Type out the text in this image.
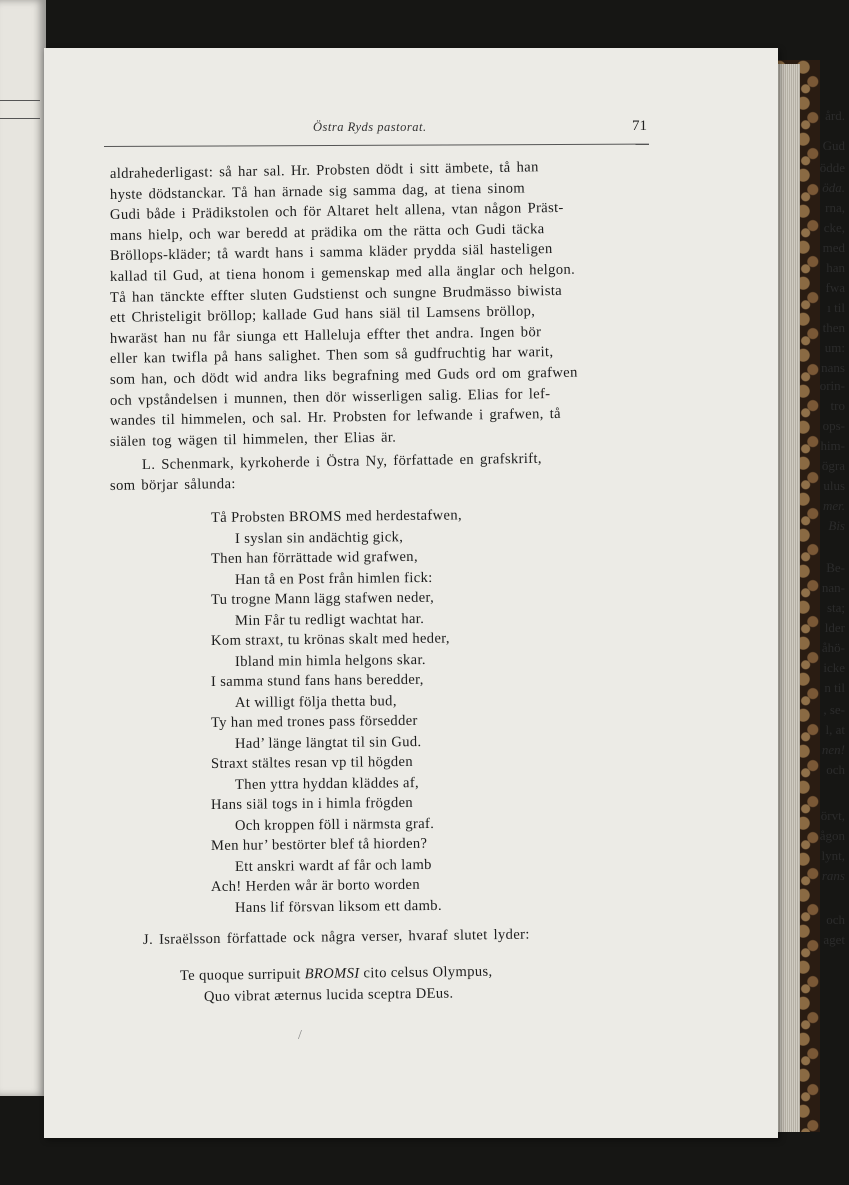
ård.
Gud
ödde
öda.
rna,
cke,
med
han
fwa
ı til
then
um:
nans
orin-
tro
ops-
him-
ögra
ulus
mer.
Bis
Be-
nan-
sta;
lder
åhö-
icke
n til
, se-
l, at
nen!
och
örvt,
ågon
lynt,
rans
och
aget
Östra Ryds pastorat.	71
aldrahederligast: så har sal. Hr. Probsten dödt i sitt ämbete, tå han
hyste dödstanckar. Tå han ärnade sig samma dag, at tiena sinom
Gudi både i Prädikstolen och för Altaret helt allena, vtan någon Präst-
mans hielp, och war beredd at prädika om the rätta och Gudi täcka
Bröllops-kläder; tå wardt hans i samma kläder prydda siäl hasteligen
kallad til Gud, at tiena honom i gemenskap med alla änglar och helgon.
Tå han tänckte effter sluten Gudstienst och sungne Brudmässo biwista
ett Christeligit bröllop; kallade Gud hans siäl til Lamsens bröllop,
hwaräst han nu får siunga ett Halleluja effter thet andra. Ingen bör
eller kan twifla på hans salighet. Then som så gudfruchtig har warit,
som han, och dödt wid andra liks begrafning med Guds ord om grafwen
och vpståndelsen i munnen, then dör wisserligen salig. Elias for lef-
wandes til himmelen, och sal. Hr. Probsten for lefwande i grafwen, tå
siälen tog wägen til himmelen, ther Elias är.
L. Schenmark, kyrkoherde i Östra Ny, författade en grafskrift,
som börjar sålunda:
Tå Probsten BROMS med herdestafwen,
I syslan sin andächtig gick,
Then han förrättade wid grafwen,
Han tå en Post från himlen fick:
Tu trogne Mann lägg stafwen neder,
Min Får tu redligt wachtat har.
Kom straxt, tu krönas skalt med heder,
Ibland min himla helgons skar.
I samma stund fans hans beredder,
At willigt följa thetta bud,
Ty han med trones pass försedder
Had’ länge längtat til sin Gud.
Straxt stältes resan vp til högden
Then yttra hyddan kläddes af,
Hans siäl togs in i himla frögden
Och kroppen föll i närmsta graf.
Men hur’ bestörter blef tå hiorden?
Ett anskri wardt af får och lamb
Ach! Herden wår är borto worden
Hans lif försvan liksom ett damb.
J. Israëlsson författade ock några verser, hvaraf slutet lyder:
Te quoque surripuit BROMSI cito celsus Olympus,
Quo vibrat æternus lucida sceptra DEus.
/
